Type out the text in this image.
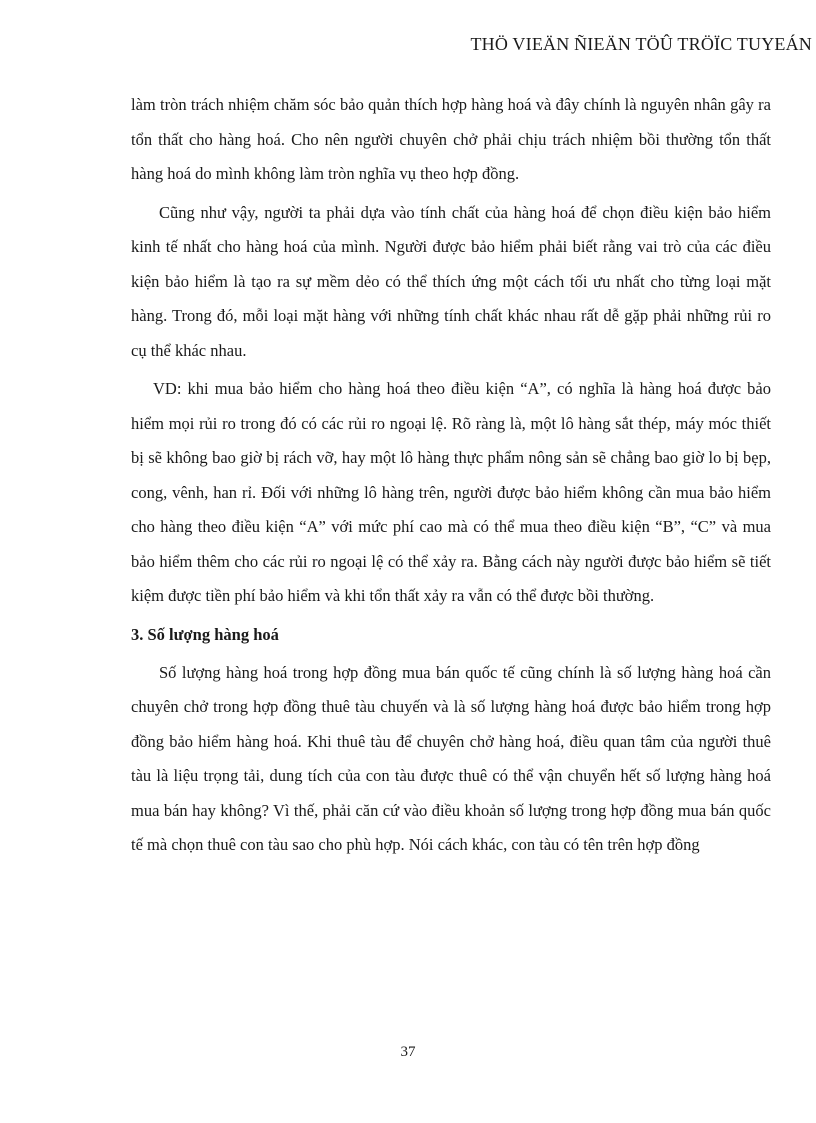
THÖ VIEÄN ÑIEÄN TÖÛ TRÖÏC TUYEÁN

làm tròn trách nhiệm chăm sóc bảo quản thích hợp hàng hoá và đây chính là nguyên nhân gây ra tổn thất cho hàng hoá. Cho nên người chuyên chở phải chịu trách nhiệm bồi thường tổn thất hàng hoá do mình không làm tròn nghĩa vụ theo hợp đồng.

Cũng như vậy, người ta phải dựa vào tính chất của hàng hoá để chọn điều kiện bảo hiểm kinh tế nhất cho hàng hoá của mình. Người được bảo hiểm phải biết rằng vai trò của các điều kiện bảo hiểm là tạo ra sự mềm dẻo có thể thích ứng một cách tối ưu nhất cho từng loại mặt hàng. Trong đó, mỗi loại mặt hàng với những tính chất khác nhau rất dễ gặp phải những rủi ro cụ thể khác nhau.

VD: khi mua bảo hiểm cho hàng hoá theo điều kiện “A”, có nghĩa là hàng hoá được bảo hiểm mọi rủi ro trong đó có các rủi ro ngoại lệ. Rõ ràng là, một lô hàng sắt thép, máy móc thiết bị sẽ không bao giờ bị rách vỡ, hay một lô hàng thực phẩm nông sản sẽ chẳng bao giờ lo bị bẹp, cong, vênh, han rỉ. Đối với những lô hàng trên, người được bảo hiểm không cần mua bảo hiểm cho hàng theo điều kiện “A” với mức phí cao mà có thể mua theo điều kiện “B”, “C” và mua bảo hiểm thêm cho các rủi ro ngoại lệ có thể xảy ra. Bằng cách này người được bảo hiểm sẽ tiết kiệm được tiền phí bảo hiểm và khi tổn thất xảy ra vẫn có thể được bồi thường.

3. Số lượng hàng hoá

Số lượng hàng hoá trong hợp đồng mua bán quốc tế cũng chính là số lượng hàng hoá cần chuyên chở trong hợp đồng thuê tàu chuyến và là số lượng hàng hoá được bảo hiểm trong hợp đồng bảo hiểm hàng hoá. Khi thuê tàu để chuyên chở hàng hoá, điều quan tâm của người thuê tàu là liệu trọng tải, dung tích của con tàu được thuê có thể vận chuyển hết số lượng hàng hoá mua bán hay không? Vì thế, phải căn cứ vào điều khoản số lượng trong hợp đồng mua bán quốc tế mà chọn thuê con tàu sao cho phù hợp. Nói cách khác, con tàu có tên trên hợp đồng

37
